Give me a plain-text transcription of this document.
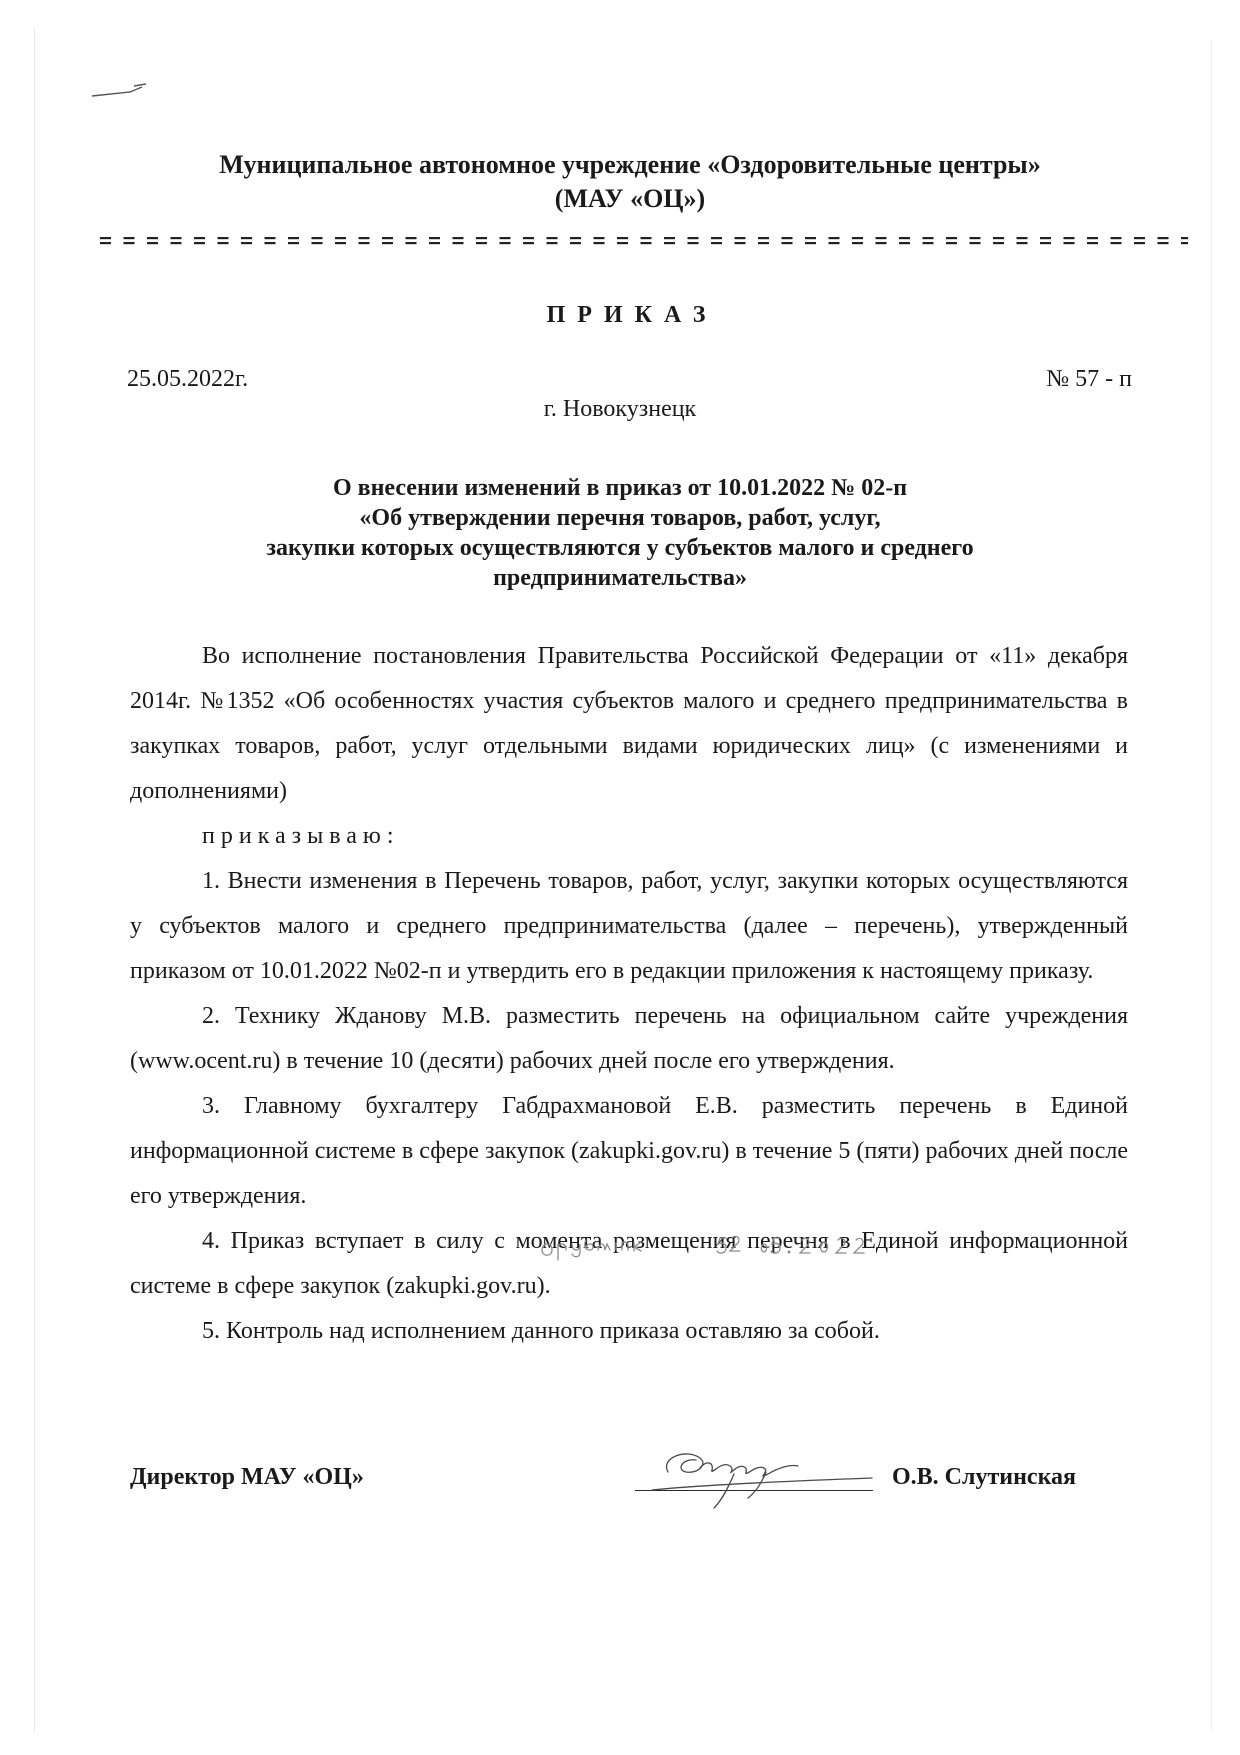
Муниципальное автономное учреждение «Оздоровительные центры»
(МАУ «ОЦ»)
ПРИКАЗ
25.05.2022г.	№ 57 - п
г. Новокузнецк
О внесении изменений в приказ от 10.01.2022 № 02-п
«Об утверждении перечня товаров, работ, услуг,
закупки которых осуществляются у субъектов малого и среднего
предпринимательства»

Во исполнение постановления Правительства Российской Федерации от «11» декабря 2014г. №1352 «Об особенностях участия субъектов малого и среднего предпринимательства в закупках товаров, работ, услуг отдельными видами юридических лиц» (с изменениями и дополнениями)

приказываю:

1. Внести изменения в Перечень товаров, работ, услуг, закупки которых осуществляются у субъектов малого и среднего предпринимательства (далее – перечень), утвержденный приказом от 10.01.2022 №02-п и утвердить его в редакции приложения к настоящему приказу.

2. Технику Жданову М.В. разместить перечень на официальном сайте учреждения (www.ocent.ru) в течение 10 (десяти) рабочих дней после его утверждения.

3. Главному бухгалтеру Габдрахмановой Е.В. разместить перечень в Единой информационной системе в сфере закупок (zakupki.gov.ru) в течение 5 (пяти) рабочих дней после его утверждения.

4. Приказ вступает в силу с момента размещения перечня в Единой информационной системе в сфере закупок (zakupki.gov.ru).

5. Контроль над исполнением данного приказа оставляю за собой.

Директор МАУ «ОЦ»	О.В. Слутинская
